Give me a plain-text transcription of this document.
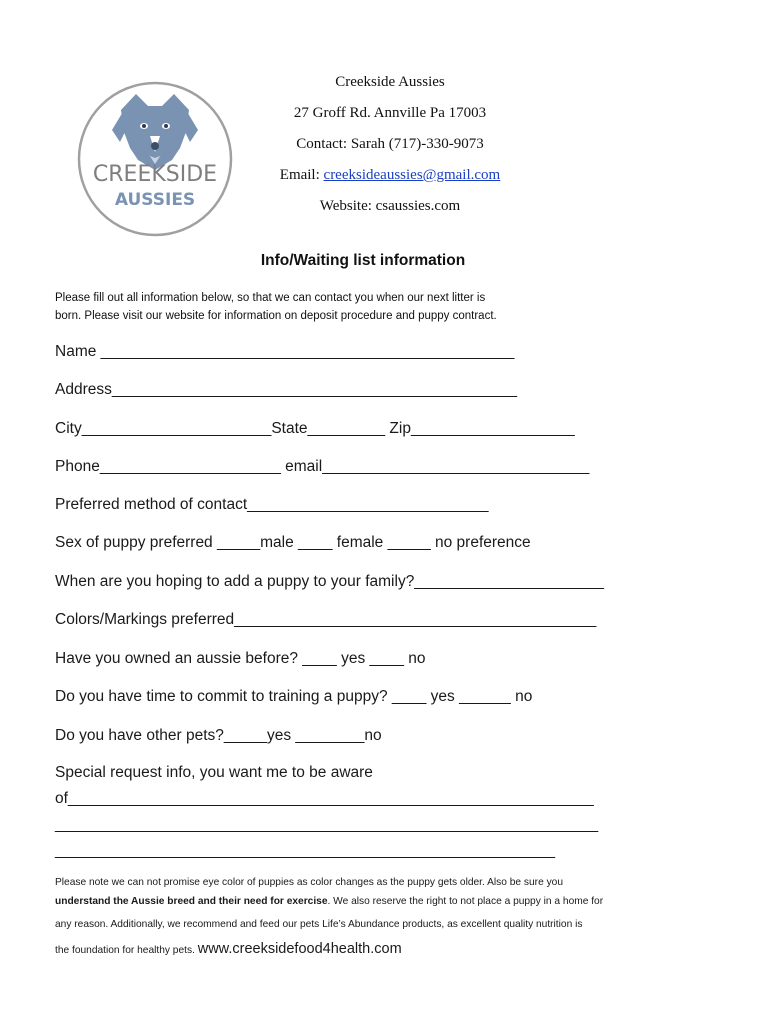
CREEKSIDE
AUSSIES
Creekside Aussies
27 Groff Rd. Annville Pa 17003
Contact: Sarah (717)-330-9073
Email: creeksideaussies@gmail.com
Website: csaussies.com
Info/Waiting list information
Please fill out all information below, so that we can contact you when our next litter is
born. Please visit our website for information on deposit procedure and puppy contract.
Name ________________________________________________
Address_______________________________________________
City______________________State_________ Zip___________________
Phone_____________________ email_______________________________
Preferred method of contact____________________________
Sex of puppy preferred _____male ____ female _____ no preference
When are you hoping to add a puppy to your family?______________________
Colors/Markings preferred__________________________________________
Have you owned an aussie before? ____ yes ____ no
Do you have time to commit to training a puppy? ____ yes ______ no
Do you have other pets?_____yes ________no
Special request info, you want me to be aware
of_____________________________________________________________
_______________________________________________________________
__________________________________________________________
Please note we can not promise eye color of puppies as color changes as the puppy gets older. Also be sure you
understand the Aussie breed and their need for exercise. We also reserve the right to not place a puppy in a home for
any reason. Additionally, we recommend and feed our pets Life’s Abundance products, as excellent quality nutrition is
the foundation for healthy pets. www.creeksidefood4health.com
